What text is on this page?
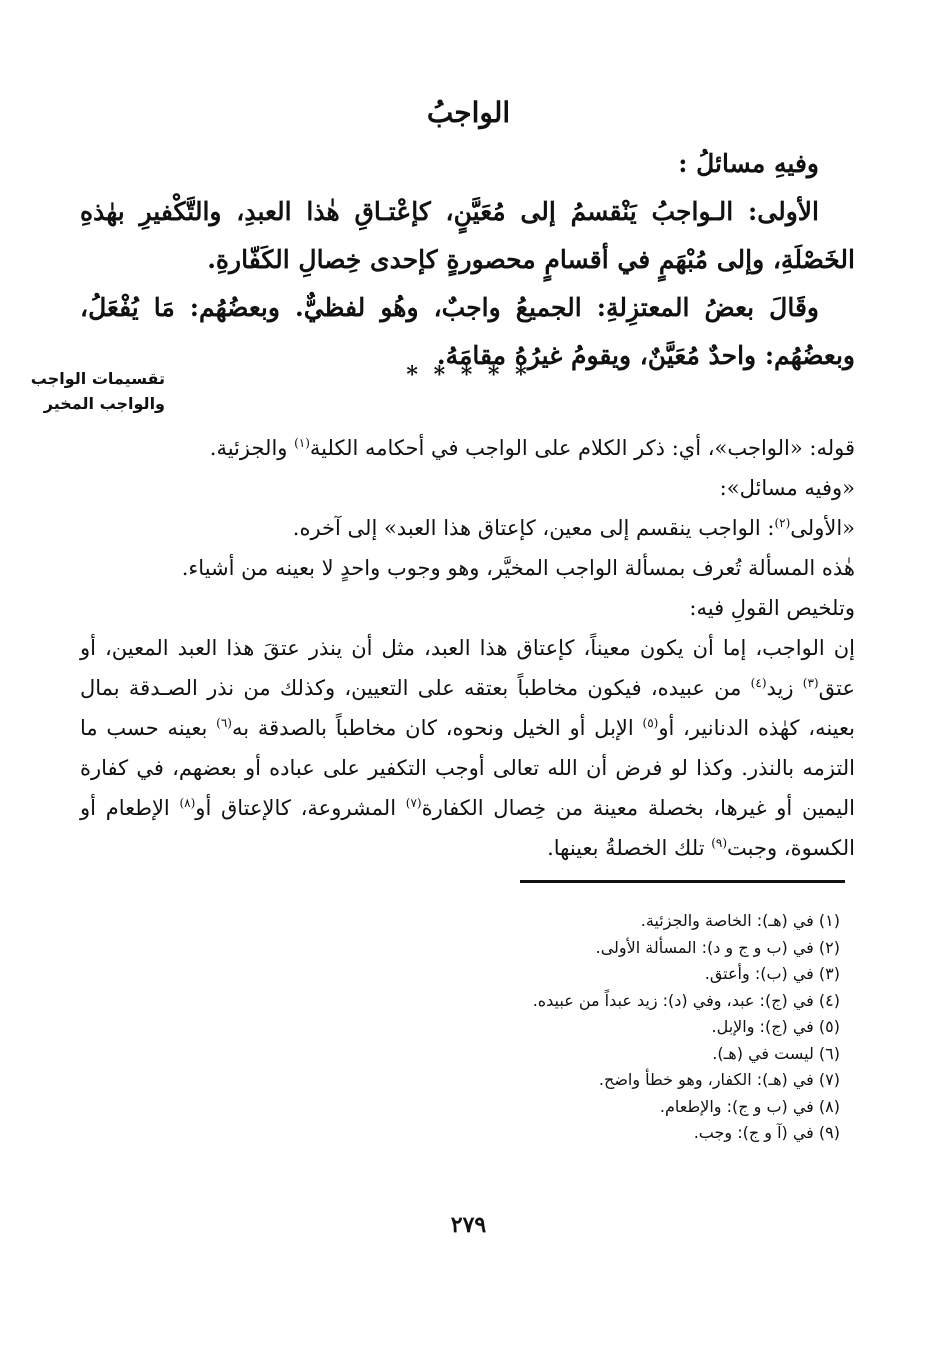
الواجبُ

وفيهِ مسائلُ :

الأولى: الـواجبُ يَنْقسمُ إلى مُعَيَّنٍ، كإعْتـاقِ هٰذا العبدِ، والتَّكْفيرِ بهٰذهِ الخَصْلَةِ، وإلى مُبْهَمٍ في أقسامٍ محصورةٍ كإحدى خِصالِ الكَفّارةِ.

وقَالَ بعضُ المعتزِلةِ: الجميعُ واجبٌ، وهُو لفظيٌّ. وبعضُهُم: مَا يُفْعَلُ، وبعضُهُم: واحدٌ مُعَيَّنٌ، ويقومُ غيرُهُ مقامَهُ.

تقسيمات الواجب
والواجب المخير
* * * * *

قوله: «الواجب»، أي: ذكر الكلام على الواجب في أحكامه الكلية$^{(١)}$ والجزئية.

«وفيه مسائل»:

«الأولى$^{(٢)}$: الواجب ينقسم إلى معين، كإعتاق هذا العبد» إلى آخره.

هٰذه المسألة تُعرف بمسألة الواجب المخيَّر، وهو وجوب واحدٍ لا بعينه من أشياء.

وتلخيص القولِ فيه:

إن الواجب، إما أن يكون معيناً، كإعتاق هذا العبد، مثل أن ينذر عتقَ هذا العبد المعين، أو عتق$^{(٣)}$ زيد$^{(٤)}$ من عبيده، فيكون مخاطباً بعتقه على التعيين، وكذلك من نذر الصـدقة بمال بعينه، كهٰذه الدنانير، أو$^{(٥)}$ الإبل أو الخيل ونحوه، كان مخاطباً بالصدقة به$^{(٦)}$ بعينه حسب ما التزمه بالنذر. وكذا لو فرض أن الله تعالى أوجب التكفير على عباده أو بعضهم، في كفارة اليمين أو غيرها، بخصلة معينة من خِصال الكفارة$^{(٧)}$ المشروعة، كالإعتاق أو$^{(٨)}$ الإطعام أو الكسوة، وجبت$^{(٩)}$ تلك الخصلةُ بعينها.

(١) في (هـ): الخاصة والجزئية.
(٢) في (ب و ج و د): المسألة الأولى.
(٣) في (ب): وأعتق.
(٤) في (ج): عبد، وفي (د): زيد عبداً من عبيده.
(٥) في (ج): والإبل.
(٦) ليست في (هـ).
(٧) في (هـ): الكفار، وهو خطأ واضح.
(٨) في (ب و ج): والإطعام.
(٩) في (آ و ج): وجب.
٢٧٩
